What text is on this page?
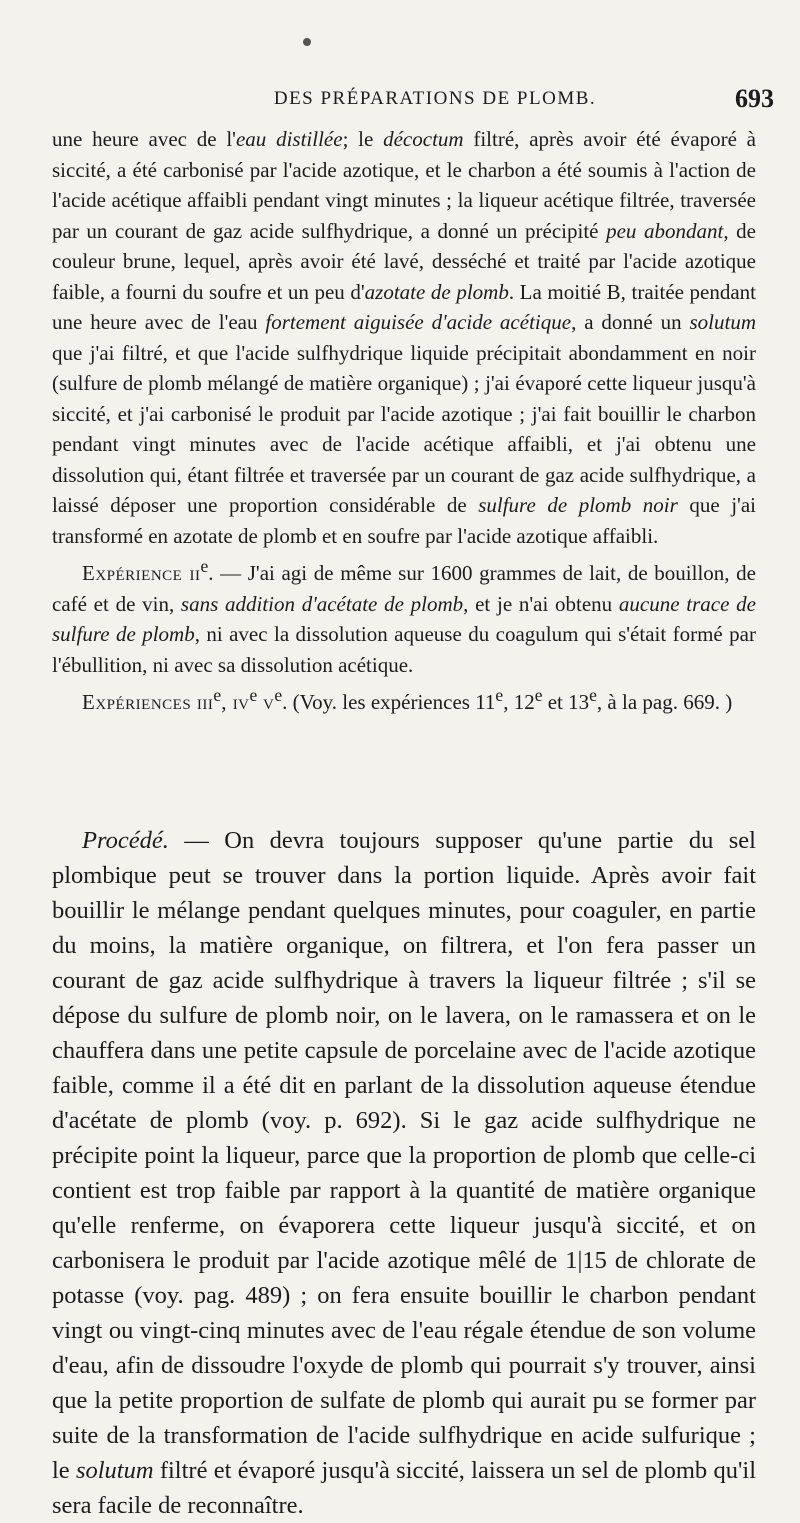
DES PRÉPARATIONS DE PLOMB.	693

une heure avec de l'eau distillée; le décoctum filtré, après avoir été évaporé à siccité, a été carbonisé par l'acide azotique, et le charbon a été soumis à l'action de l'acide acétique affaibli pendant vingt minutes ; la liqueur acétique filtrée, traversée par un courant de gaz acide sulfhydrique, a donné un précipité peu abondant, de couleur brune, lequel, après avoir été lavé, desséché et traité par l'acide azotique faible, a fourni du soufre et un peu d'azotate de plomb. La moitié B, traitée pendant une heure avec de l'eau fortement aiguisée d'acide acétique, a donné un solutum que j'ai filtré, et que l'acide sulfhydrique liquide précipitait abondamment en noir (sulfure de plomb mélangé de matière organique) ; j'ai évaporé cette liqueur jusqu'à siccité, et j'ai carbonisé le produit par l'acide azotique ; j'ai fait bouillir le charbon pendant vingt minutes avec de l'acide acétique affaibli, et j'ai obtenu une dissolution qui, étant filtrée et traversée par un courant de gaz acide sulfhydrique, a laissé déposer une proportion considérable de sulfure de plomb noir que j'ai transformé en azotate de plomb et en soufre par l'acide azotique affaibli.

Expérience $ii^e$. — J'ai agi de même sur 1600 grammes de lait, de bouillon, de café et de vin, sans addition d'acétate de plomb, et je n'ai obtenu aucune trace de sulfure de plomb, ni avec la dissolution aqueuse du coagulum qui s'était formé par l'ébullition, ni avec sa dissolution acétique.

Expériences iii$^e$, $iv^e$ $v^e$. (Voy. les expériences 11e, 12e et 13e, à la pag. 669. )

Procédé. — On devra toujours supposer qu'une partie du sel plombique peut se trouver dans la portion liquide. Après avoir fait bouillir le mélange pendant quelques minutes, pour coaguler, en partie du moins, la matière organique, on filtrera, et l'on fera passer un courant de gaz acide sulfhydrique à travers la liqueur filtrée ; s'il se dépose du sulfure de plomb noir, on le lavera, on le ramassera et on le chauffera dans une petite capsule de porcelaine avec de l'acide azotique faible, comme il a été dit en parlant de la dissolution aqueuse étendue d'acétate de plomb (voy. p. 692). Si le gaz acide sulfhydrique ne précipite point la liqueur, parce que la proportion de plomb que celle-ci contient est trop faible par rapport à la quantité de matière organique qu'elle renferme, on évaporera cette liqueur jusqu'à siccité, et on carbonisera le produit par l'acide azotique mêlé de 1|15 de chlorate de potasse (voy. pag. 489) ; on fera ensuite bouillir le charbon pendant vingt ou vingt-cinq minutes avec de l'eau régale étendue de son volume d'eau, afin de dissoudre l'oxyde de plomb qui pourrait s'y trouver, ainsi que la petite proportion de sulfate de plomb qui aurait pu se former par suite de la transformation de l'acide sulfhydrique en acide sulfurique ; le solutum filtré et évaporé jusqu'à siccité, laissera un sel de plomb qu'il sera facile de reconnaître.
